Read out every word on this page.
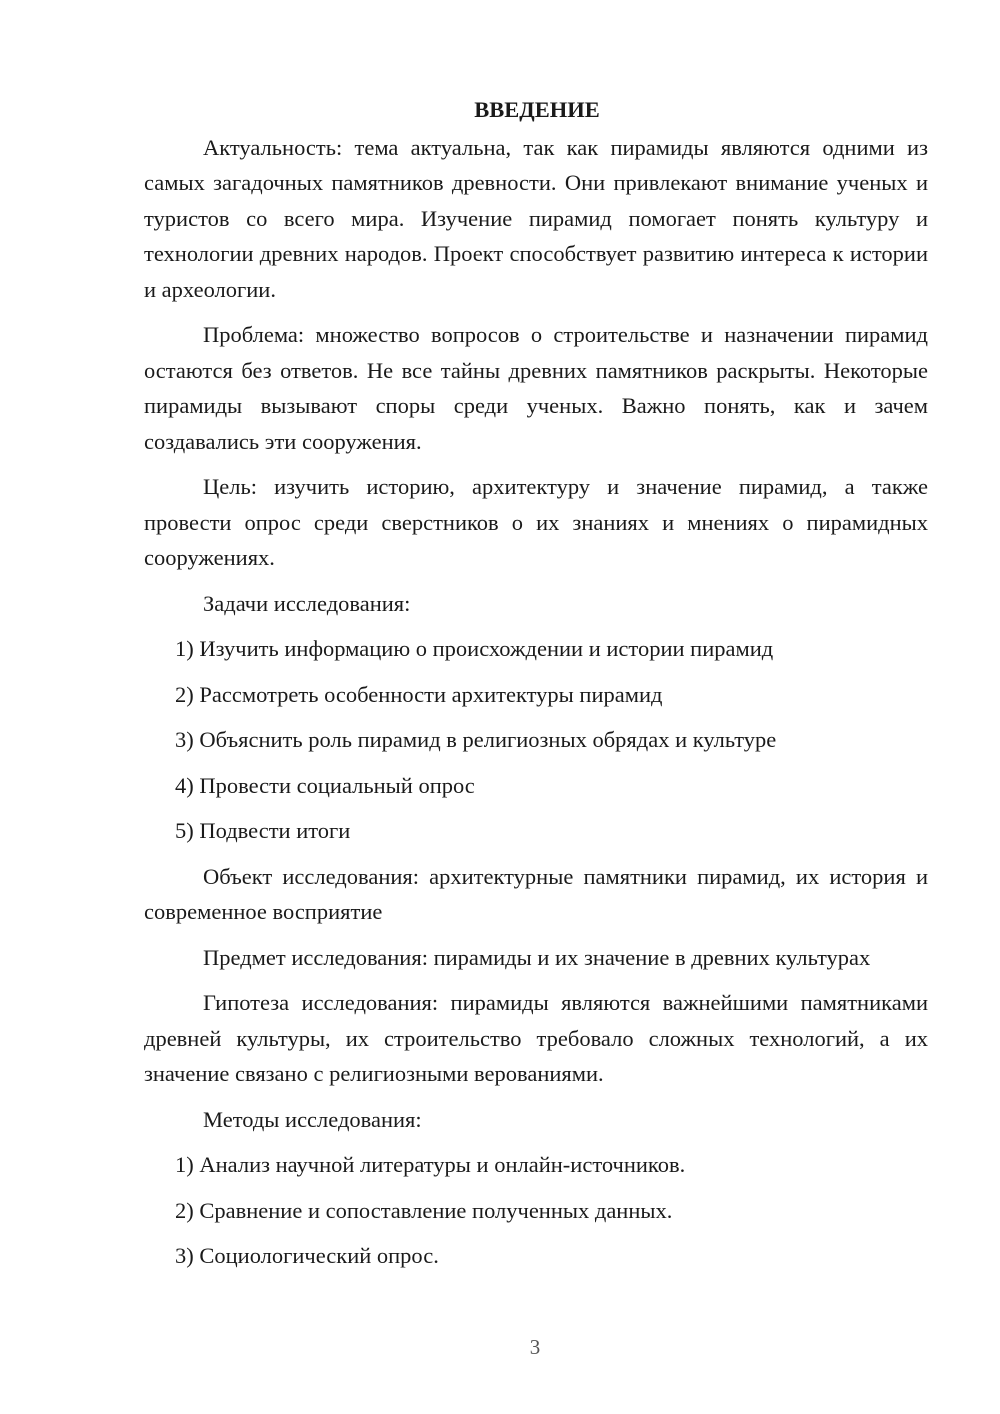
ВВЕДЕНИЕ
Актуальность: тема актуальна, так как пирамиды являются одними из самых загадочных памятников древности. Они привлекают внимание ученых и туристов со всего мира. Изучение пирамид помогает понять культуру и технологии древних народов. Проект способствует развитию интереса к истории и археологии.
Проблема: множество вопросов о строительстве и назначении пирамид остаются без ответов. Не все тайны древних памятников раскрыты. Некоторые пирамиды вызывают споры среди ученых. Важно понять, как и зачем создавались эти сооружения.
Цель: изучить историю, архитектуру и значение пирамид, а также провести опрос среди сверстников о их знаниях и мнениях о пирамидных сооружениях.
Задачи исследования:
1) Изучить информацию о происхождении и истории пирамид
2) Рассмотреть особенности архитектуры пирамид
3) Объяснить роль пирамид в религиозных обрядах и культуре
4) Провести социальный опрос
5) Подвести итоги
Объект исследования: архитектурные памятники пирамид, их история и современное восприятие
Предмет исследования: пирамиды и их значение в древних культурах
Гипотеза исследования: пирамиды являются важнейшими памятниками древней культуры, их строительство требовало сложных технологий, а их значение связано с религиозными верованиями.
Методы исследования:
1) Анализ научной литературы и онлайн-источников.
2) Сравнение и сопоставление полученных данных.
3) Социологический опрос.
3
